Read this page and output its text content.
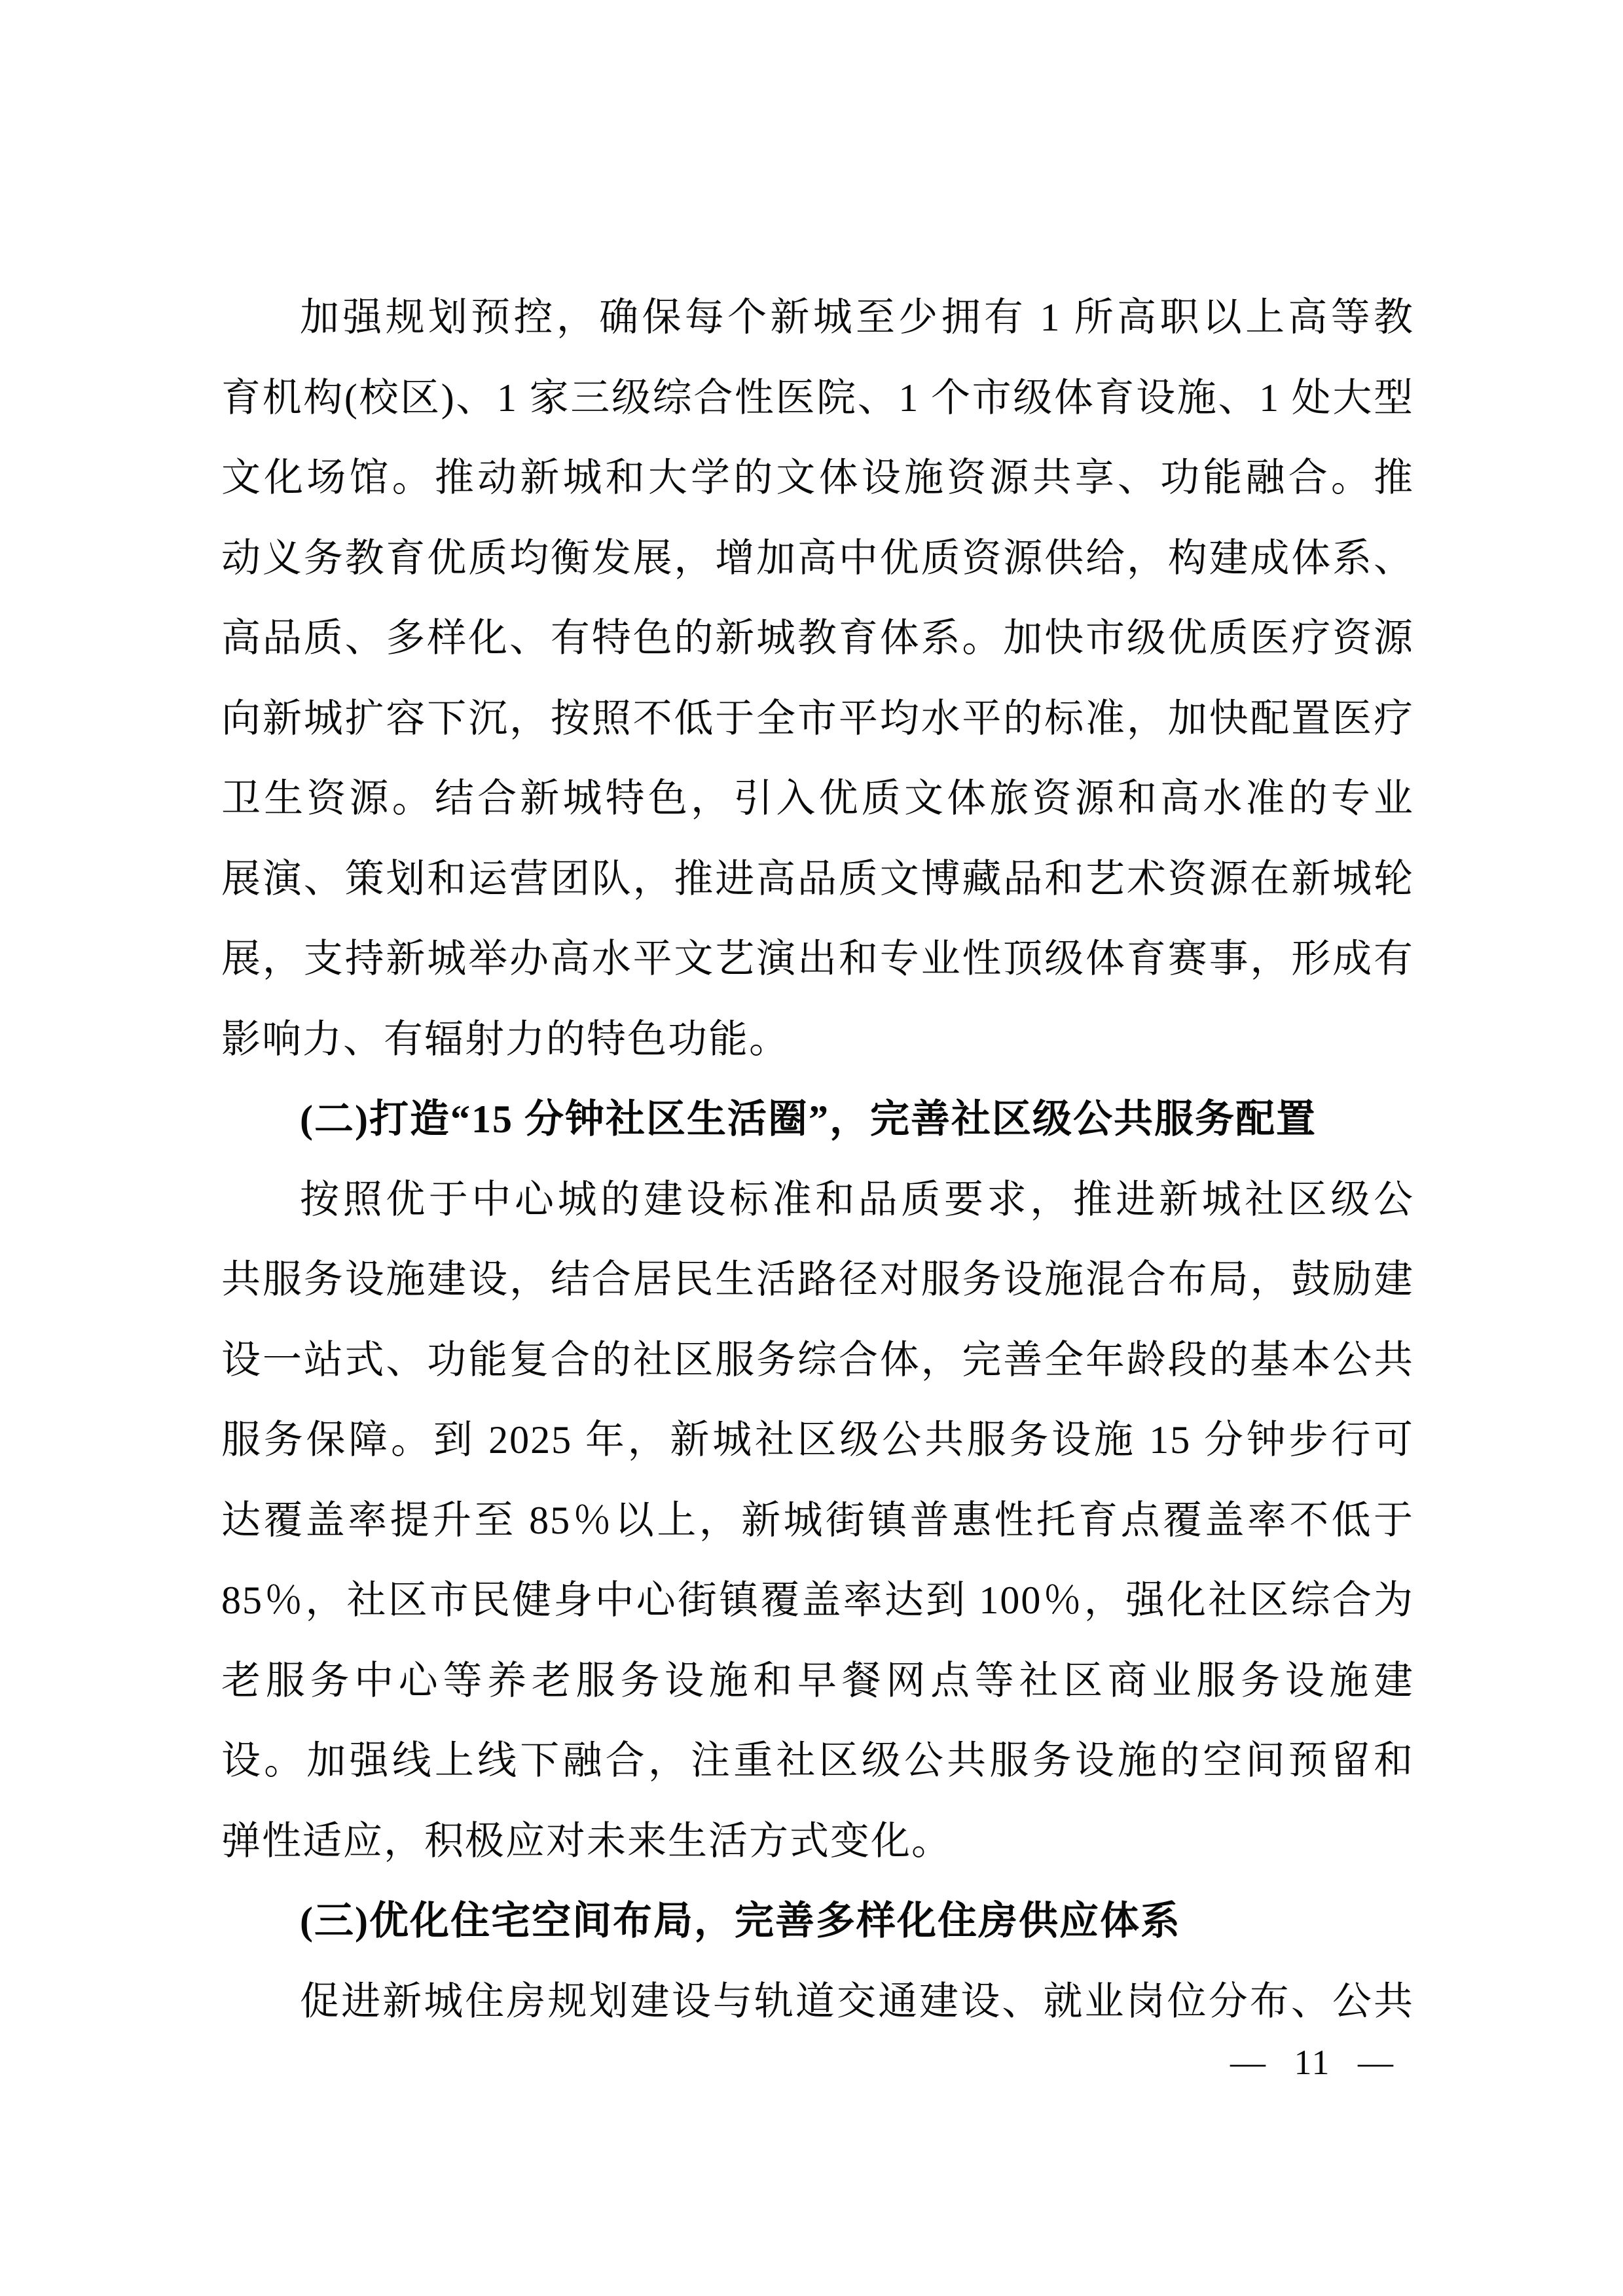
加强规划预控，确保每个新城至少拥有 1 所高职以上高等教
育机构(校区)、1 家三级综合性医院、1 个市级体育设施、1 处大型
文化场馆。推动新城和大学的文体设施资源共享、功能融合。推
动义务教育优质均衡发展，增加高中优质资源供给，构建成体系、
高品质、多样化、有特色的新城教育体系。加快市级优质医疗资源
向新城扩容下沉，按照不低于全市平均水平的标准，加快配置医疗
卫生资源。结合新城特色，引入优质文体旅资源和高水准的专业
展演、策划和运营团队，推进高品质文博藏品和艺术资源在新城轮
展，支持新城举办高水平文艺演出和专业性顶级体育赛事，形成有
影响力、有辐射力的特色功能。
(二)打造“15 分钟社区生活圈”，完善社区级公共服务配置
按照优于中心城的建设标准和品质要求，推进新城社区级公
共服务设施建设，结合居民生活路径对服务设施混合布局，鼓励建
设一站式、功能复合的社区服务综合体，完善全年龄段的基本公共
服务保障。到 2025 年，新城社区级公共服务设施 15 分钟步行可
达覆盖率提升至 85％以上，新城街镇普惠性托育点覆盖率不低于
85％，社区市民健身中心街镇覆盖率达到 100％，强化社区综合为
老服务中心等养老服务设施和早餐网点等社区商业服务设施建
设。加强线上线下融合，注重社区级公共服务设施的空间预留和
弹性适应，积极应对未来生活方式变化。
(三)优化住宅空间布局，完善多样化住房供应体系
促进新城住房规划建设与轨道交通建设、就业岗位分布、公共
— 11 —
